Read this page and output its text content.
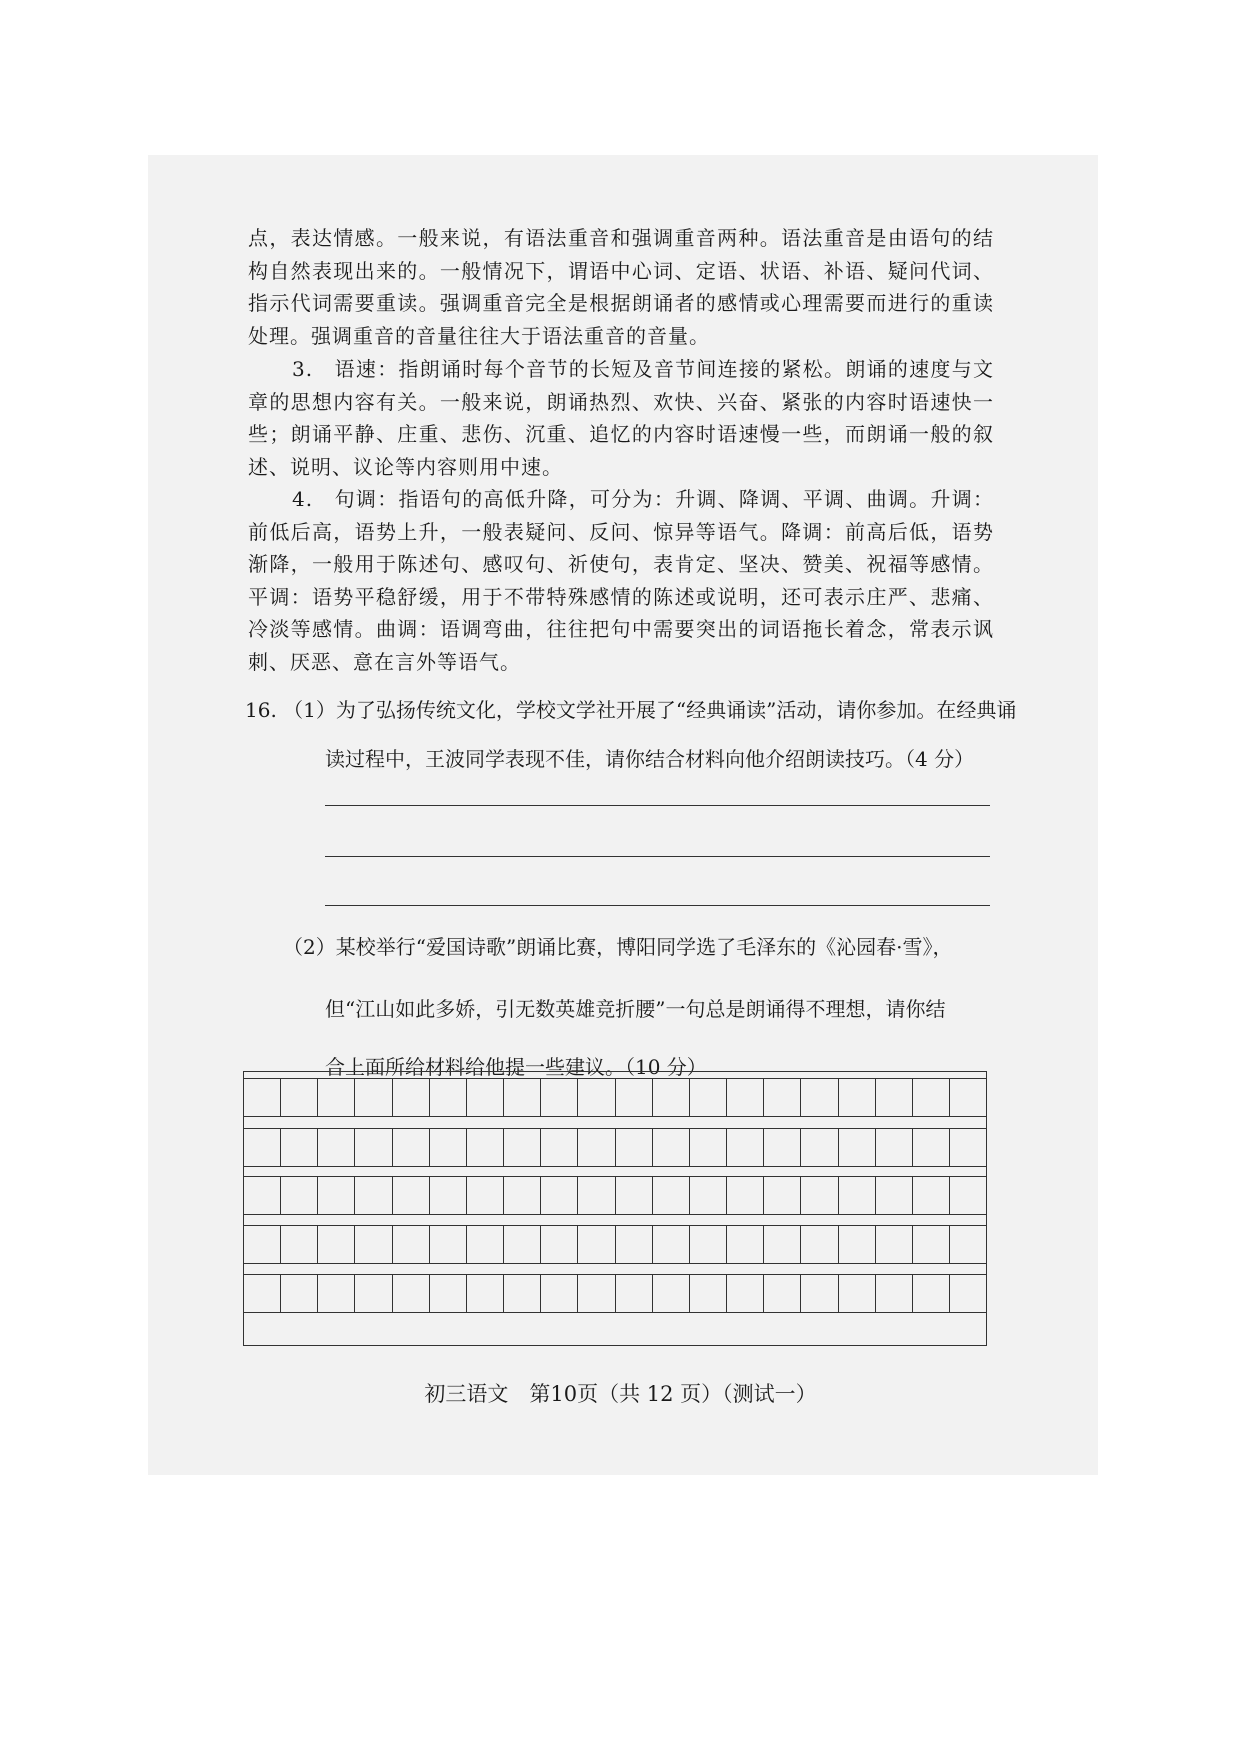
点，表达情感。一般来说，有语法重音和强调重音两种。语法重音是由语句的结构自然表现出来的。一般情况下，谓语中心词、定语、状语、补语、疑问代词、指示代词需要重读。强调重音完全是根据朗诵者的感情或心理需要而进行的重读处理。强调重音的音量往往大于语法重音的音量。

3.　语速：指朗诵时每个音节的长短及音节间连接的紧松。朗诵的速度与文章的思想内容有关。一般来说，朗诵热烈、欢快、兴奋、紧张的内容时语速快一些；朗诵平静、庄重、悲伤、沉重、追忆的内容时语速慢一些，而朗诵一般的叙述、说明、议论等内容则用中速。

4.　句调：指语句的高低升降，可分为：升调、降调、平调、曲调。升调：前低后高，语势上升，一般表疑问、反问、惊异等语气。降调：前高后低，语势渐降，一般用于陈述句、感叹句、祈使句，表肯定、坚决、赞美、祝福等感情。平调：语势平稳舒缓，用于不带特殊感情的陈述或说明，还可表示庄严、悲痛、冷淡等感情。曲调：语调弯曲，往往把句中需要突出的词语拖长着念，常表示讽刺、厌恶、意在言外等语气。

16. （1）为了弘扬传统文化，学校文学社开展了“经典诵读”活动，请你参加。在经典诵
读过程中，王波同学表现不佳，请你结合材料向他介绍朗读技巧。（4 分）
（2）某校举行“爱国诗歌”朗诵比赛，博阳同学选了毛泽东的《沁园春·雪》，
但“江山如此多娇，引无数英雄竞折腰”一句总是朗诵得不理想，请你结
合上面所给材料给他提一些建议。（10 分）
初三语文　第10页（共 12 页）（测试一）
